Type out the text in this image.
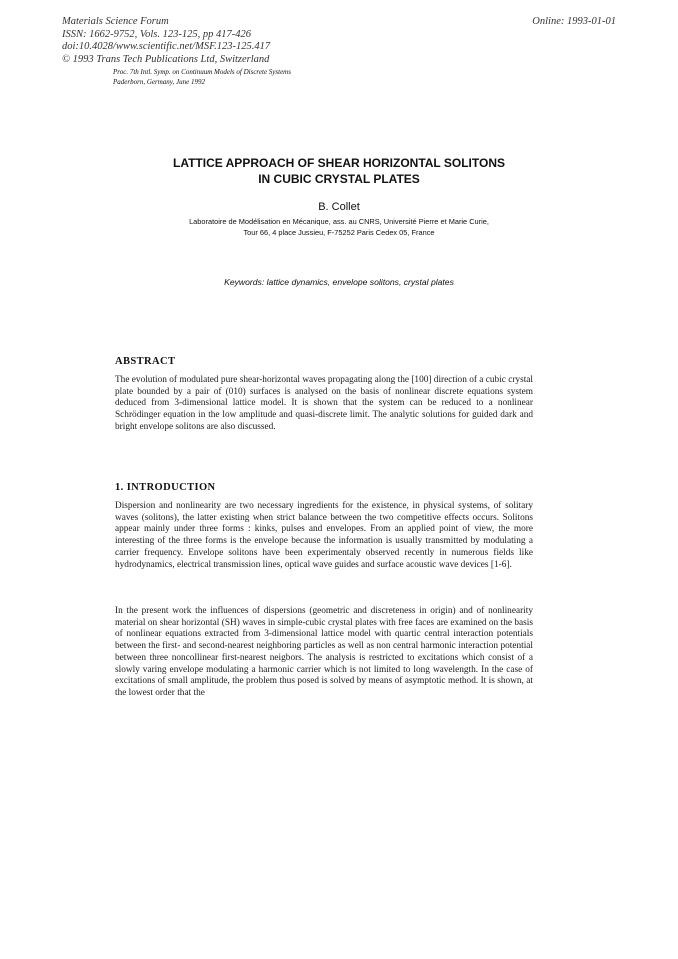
Materials Science Forum
ISSN: 1662-9752, Vols. 123-125, pp 417-426
doi:10.4028/www.scientific.net/MSF.123-125.417
© 1993 Trans Tech Publications Ltd, Switzerland
Online: 1993-01-01
Proc. 7th Intl. Symp. on Continuum Models of Discrete Systems
Paderborn, Germany, June 1992
LATTICE APPROACH OF SHEAR HORIZONTAL SOLITONS
IN CUBIC CRYSTAL PLATES
B. Collet
Laboratoire de Modélisation en Mécanique, ass. au CNRS, Université Pierre et Marie Curie,
Tour 66, 4 place Jussieu, F-75252 Paris Cedex 05, France
Keywords: lattice dynamics, envelope solitons, crystal plates
ABSTRACT

The evolution of modulated pure shear-horizontal waves propagating along the [100] direction of a cubic crystal plate bounded by a pair of (010) surfaces is analysed on the basis of nonlinear discrete equations system deduced from 3-dimensional lattice model. It is shown that the system can be reduced to a nonlinear Schrödinger equation in the low amplitude and quasi-discrete limit. The analytic solutions for guided dark and bright envelope solitons are also discussed.

1. INTRODUCTION

Dispersion and nonlinearity are two necessary ingredients for the existence, in physical systems, of solitary waves (solitons), the latter existing when strict balance between the two competitive effects occurs. Solitons appear mainly under three forms : kinks, pulses and envelopes. From an applied point of view, the more interesting of the three forms is the envelope because the information is usually transmitted by modulating a carrier frequency. Envelope solitons have been experimentaly observed recently in numerous fields like hydrodynamics, electrical transmission lines, optical wave guides and surface acoustic wave devices [1-6].

In the present work the influences of dispersions (geometric and discreteness in origin) and of nonlinearity material on shear horizontal (SH) waves in simple-cubic crystal plates with free faces are examined on the basis of nonlinear equations extracted from 3-dimensional lattice model with quartic central interaction potentials between the first- and second-nearest neighboring particles as well as non central harmonic interaction potential between three noncollinear first-nearest neigbors. The analysis is restricted to excitations which consist of a slowly varing envelope modulating a harmonic carrier which is not limited to long wavelength. In the case of excitations of small amplitude, the problem thus posed is solved by means of asymptotic method. It is shown, at the lowest order that the
